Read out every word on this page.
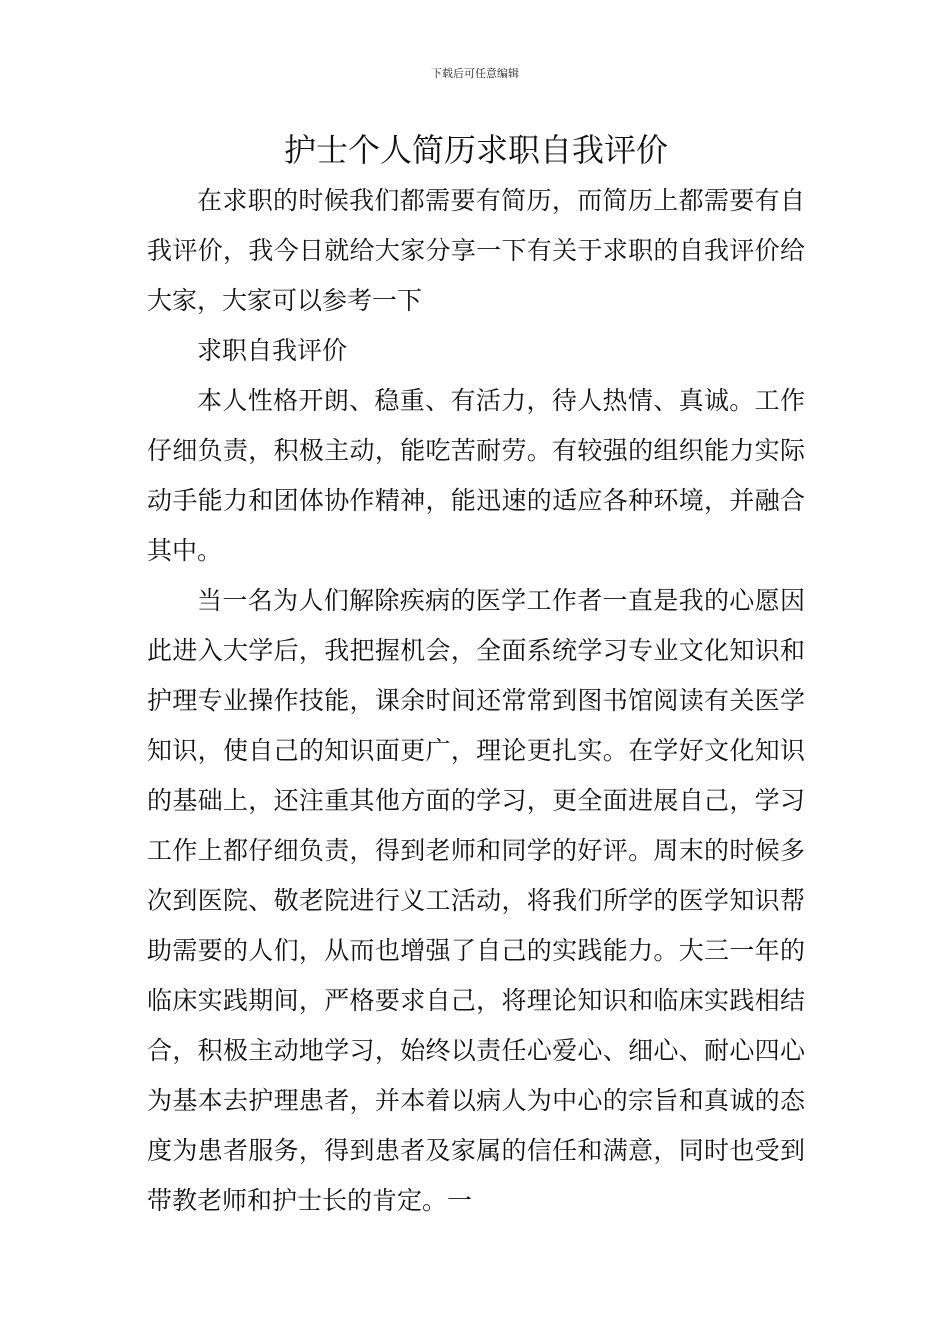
下载后可任意编辑
护士个人简历求职自我评价

在求职的时候我们都需要有简历，而简历上都需要有自我评价，我今日就给大家分享一下有关于求职的自我评价给大家，大家可以参考一下

求职自我评价

本人性格开朗、稳重、有活力，待人热情、真诚。工作仔细负责，积极主动，能吃苦耐劳。有较强的组织能力实际动手能力和团体协作精神，能迅速的适应各种环境，并融合其中。

当一名为人们解除疾病的医学工作者一直是我的心愿因此进入大学后，我把握机会，全面系统学习专业文化知识和护理专业操作技能，课余时间还常常到图书馆阅读有关医学知识，使自己的知识面更广，理论更扎实。在学好文化知识的基础上，还注重其他方面的学习，更全面进展自己，学习工作上都仔细负责，得到老师和同学的好评。周末的时候多次到医院、敬老院进行义工活动，将我们所学的医学知识帮助需要的人们，从而也增强了自己的实践能力。大三一年的临床实践期间，严格要求自己，将理论知识和临床实践相结合，积极主动地学习，始终以责任心爱心、细心、耐心四心为基本去护理患者，并本着以病人为中心的宗旨和真诚的态度为患者服务，得到患者及家属的信任和满意，同时也受到带教老师和护士长的肯定。一
